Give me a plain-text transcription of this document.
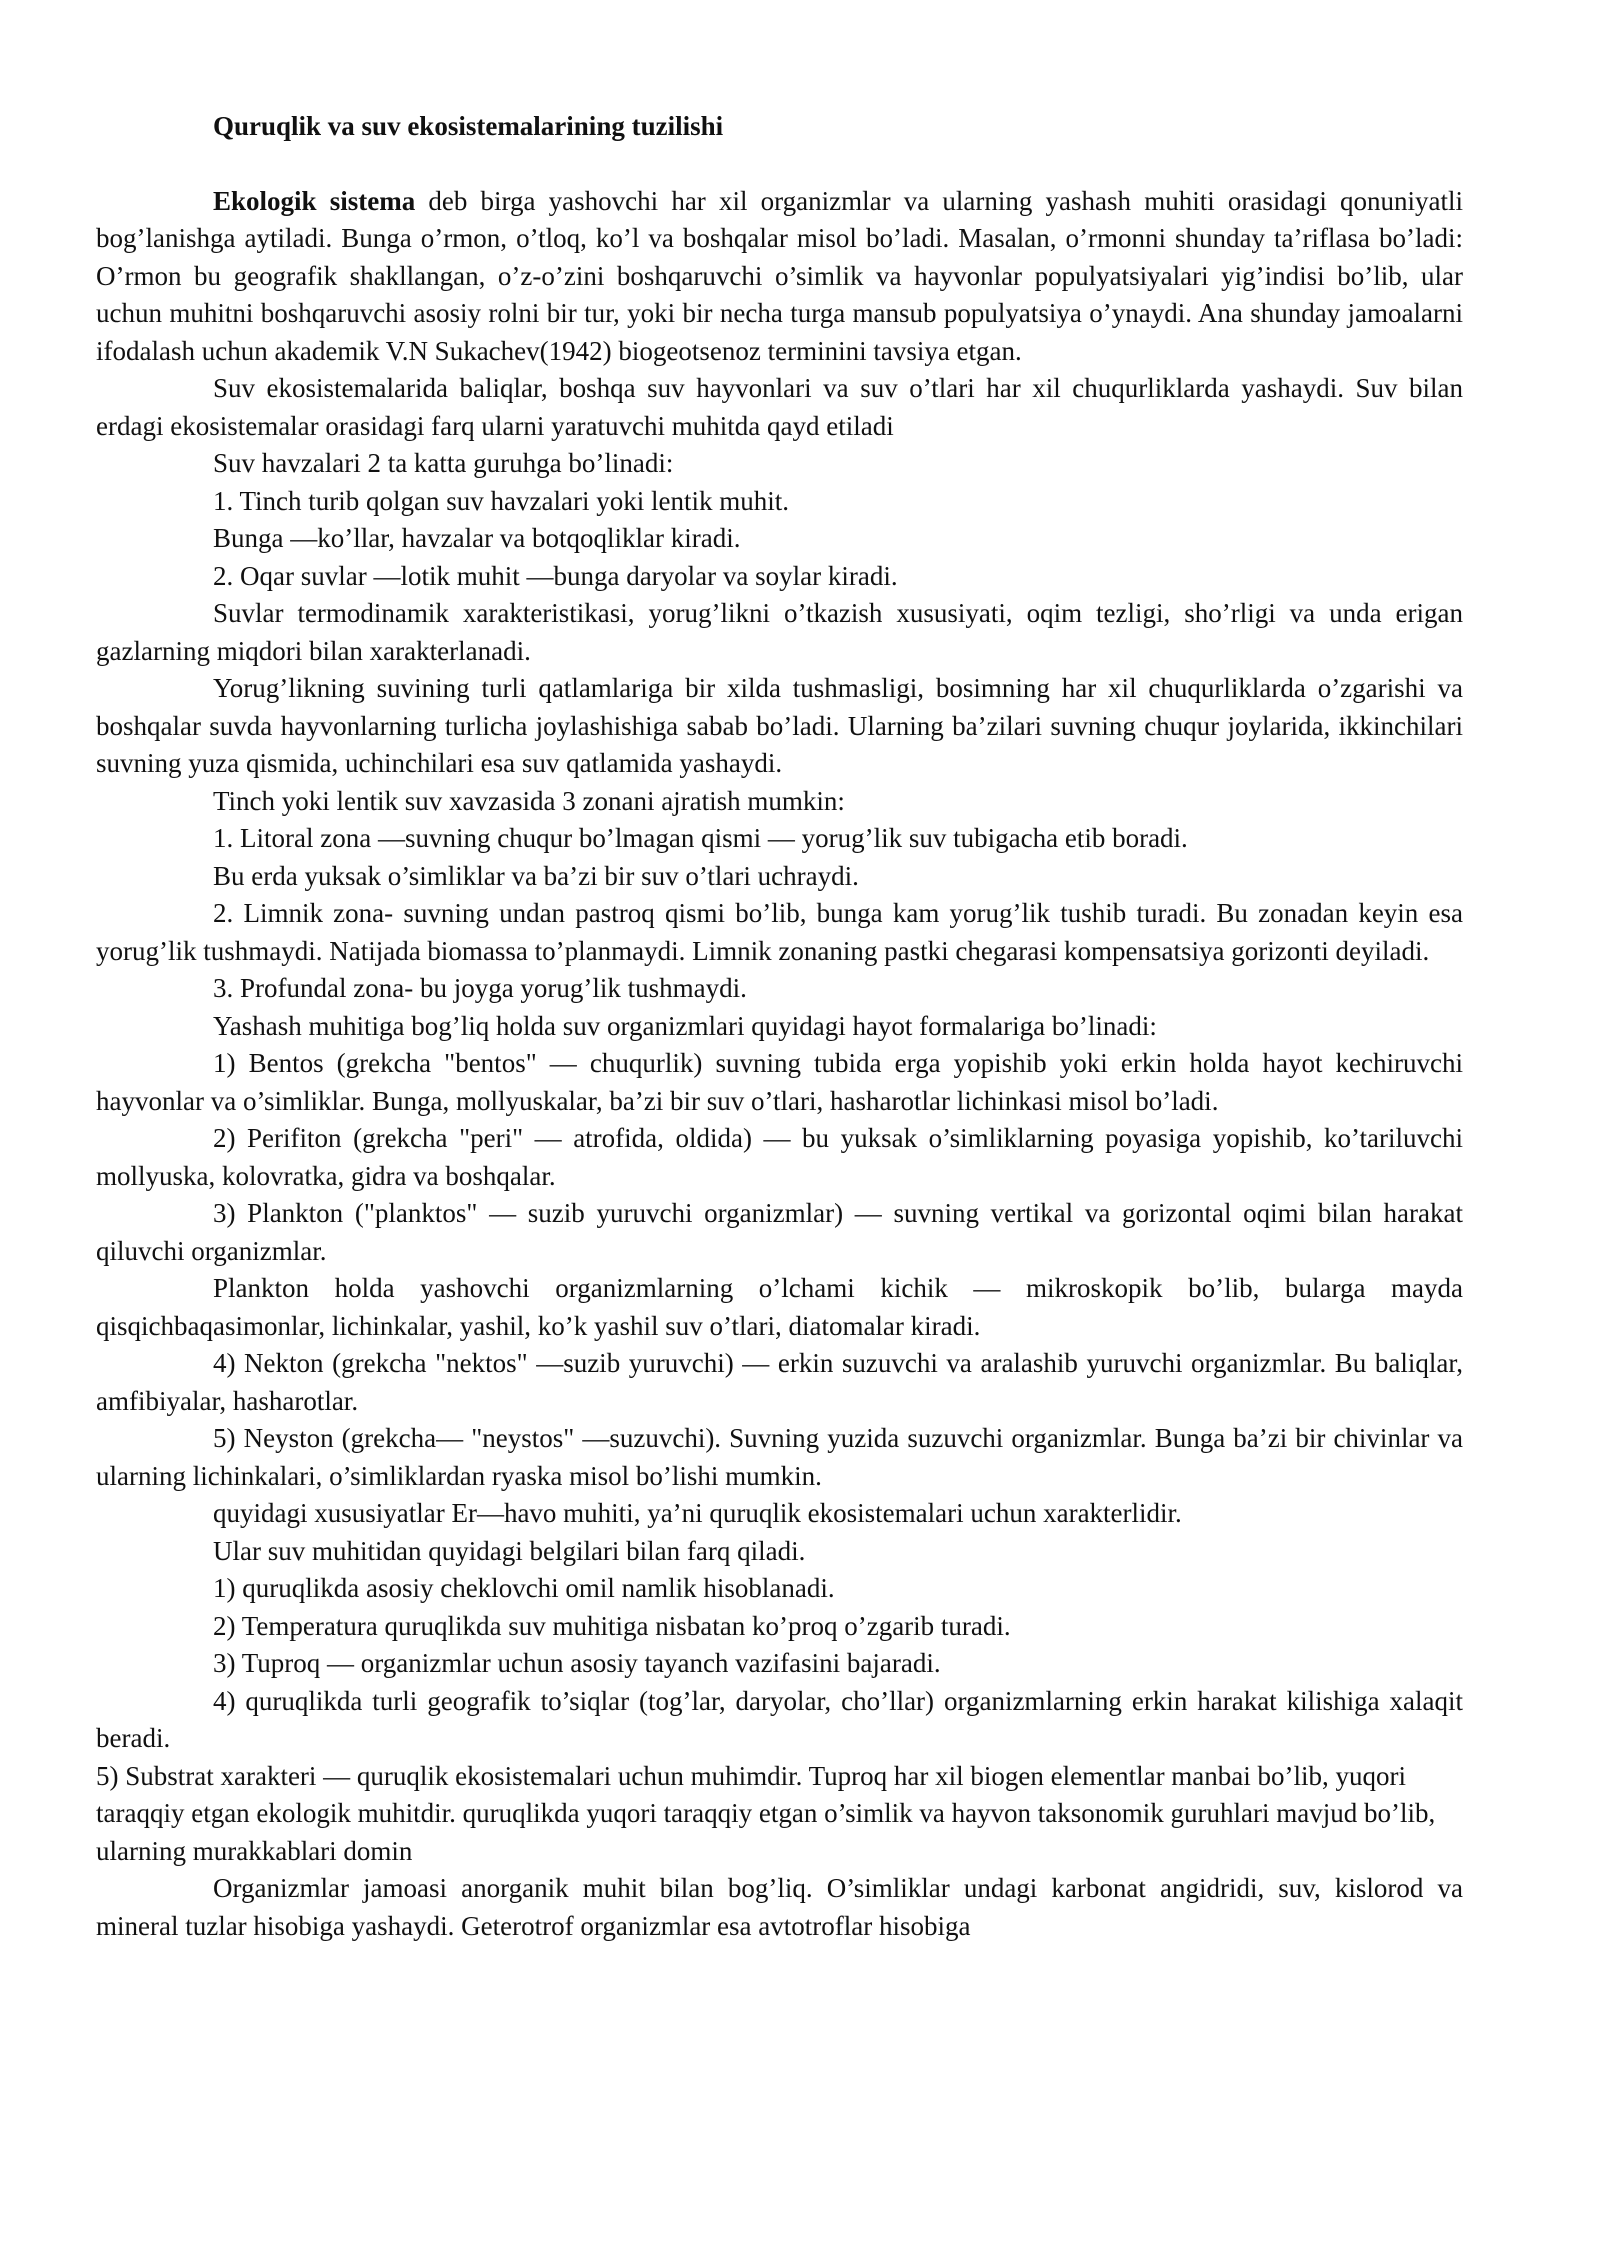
Quruqlik va suv ekosistemalarining tuzilishi

Ekologik sistema deb birga yashovchi har xil organizmlar va ularning yashash muhiti orasidagi qonuniyatli bog’lanishga aytiladi. Bunga o’rmon, o’tloq, ko’l va boshqalar misol bo’ladi. Masalan, o’rmonni shunday ta’riflasa bo’ladi: O’rmon bu geografik shakllangan, o’z-o’zini boshqaruvchi o’simlik va hayvonlar populyatsiyalari yig’indisi bo’lib, ular uchun muhitni boshqaruvchi asosiy rolni bir tur, yoki bir necha turga mansub populyatsiya o’ynaydi. Ana shunday jamoalarni ifodalash uchun akademik V.N Sukachev(1942) biogeotsenoz terminini tavsiya etgan.

Suv ekosistemalarida baliqlar, boshqa suv hayvonlari va suv o’tlari har xil chuqurliklarda yashaydi. Suv bilan erdagi ekosistemalar orasidagi farq ularni yaratuvchi muhitda qayd etiladi

Suv havzalari 2 ta katta guruhga bo’linadi:

1. Tinch turib qolgan suv havzalari yoki lentik muhit.

Bunga —ko’llar, havzalar va botqoqliklar kiradi.

2. Oqar suvlar —lotik muhit —bunga daryolar va soylar kiradi.

Suvlar termodinamik xarakteristikasi, yorug’likni o’tkazish xususiyati, oqim tezligi, sho’rligi va unda erigan gazlarning miqdori bilan xarakterlanadi.

Yorug’likning suvining turli qatlamlariga bir xilda tushmasligi, bosimning har xil chuqurliklarda o’zgarishi va boshqalar suvda hayvonlarning turlicha joylashishiga sabab bo’ladi. Ularning ba’zilari suvning chuqur joylarida, ikkinchilari suvning yuza qismida, uchinchilari esa suv qatlamida yashaydi.

Tinch yoki lentik suv xavzasida 3 zonani ajratish mumkin:

1. Litoral zona —suvning chuqur bo’lmagan qismi — yorug’lik suv tubigacha etib boradi.

Bu erda yuksak o’simliklar va ba’zi bir suv o’tlari uchraydi.

2. Limnik zona- suvning undan pastroq qismi bo’lib, bunga kam yorug’lik tushib turadi. Bu zonadan keyin esa yorug’lik tushmaydi. Natijada biomassa to’planmaydi. Limnik zonaning pastki chegarasi kompensatsiya gorizonti deyiladi.

3. Profundal zona- bu joyga yorug’lik tushmaydi.

Yashash muhitiga bog’liq holda suv organizmlari quyidagi hayot formalariga bo’linadi:

1) Bentos (grekcha "bentos" — chuqurlik) suvning tubida erga yopishib yoki erkin holda hayot kechiruvchi hayvonlar va o’simliklar. Bunga, mollyuskalar, ba’zi bir suv o’tlari, hasharotlar lichinkasi misol bo’ladi.

2) Perifiton (grekcha "peri" — atrofida, oldida) — bu yuksak o’simliklarning poyasiga yopishib, ko’tariluvchi mollyuska, kolovratka, gidra va boshqalar.

3) Plankton ("planktos" — suzib yuruvchi organizmlar) — suvning vertikal va gorizontal oqimi bilan harakat qiluvchi organizmlar.

Plankton holda yashovchi organizmlarning o’lchami kichik — mikroskopik bo’lib, bularga mayda qisqichbaqasimonlar, lichinkalar, yashil, ko’k yashil suv o’tlari, diatomalar kiradi.

4) Nekton (grekcha "nektos" —suzib yuruvchi) — erkin suzuvchi va aralashib yuruvchi organizmlar. Bu baliqlar, amfibiyalar, hasharotlar.

5) Neyston (grekcha— "neystos" —suzuvchi). Suvning yuzida suzuvchi organizmlar. Bunga ba’zi bir chivinlar va ularning lichinkalari, o’simliklardan ryaska misol bo’lishi mumkin.

quyidagi xususiyatlar Er—havo muhiti, ya’ni quruqlik ekosistemalari uchun xarakterlidir.

Ular suv muhitidan quyidagi belgilari bilan farq qiladi.

1) quruqlikda asosiy cheklovchi omil namlik hisoblanadi.

2) Temperatura quruqlikda suv muhitiga nisbatan ko’proq o’zgarib turadi.

3) Tuproq — organizmlar uchun asosiy tayanch vazifasini bajaradi.

4) quruqlikda turli geografik to’siqlar (tog’lar, daryolar, cho’llar) organizmlarning erkin harakat kilishiga xalaqit beradi.

5) Substrat xarakteri — quruqlik ekosistemalari uchun muhimdir. Tuproq har xil biogen elementlar manbai bo’lib, yuqori taraqqiy etgan ekologik muhitdir. quruqlikda yuqori taraqqiy etgan o’simlik va hayvon taksonomik guruhlari mavjud bo’lib, ularning murakkablari domin

Organizmlar jamoasi anorganik muhit bilan bog’liq. O’simliklar undagi karbonat angidridi, suv, kislorod va mineral tuzlar hisobiga yashaydi. Geterotrof organizmlar esa avtotroflar hisobiga
